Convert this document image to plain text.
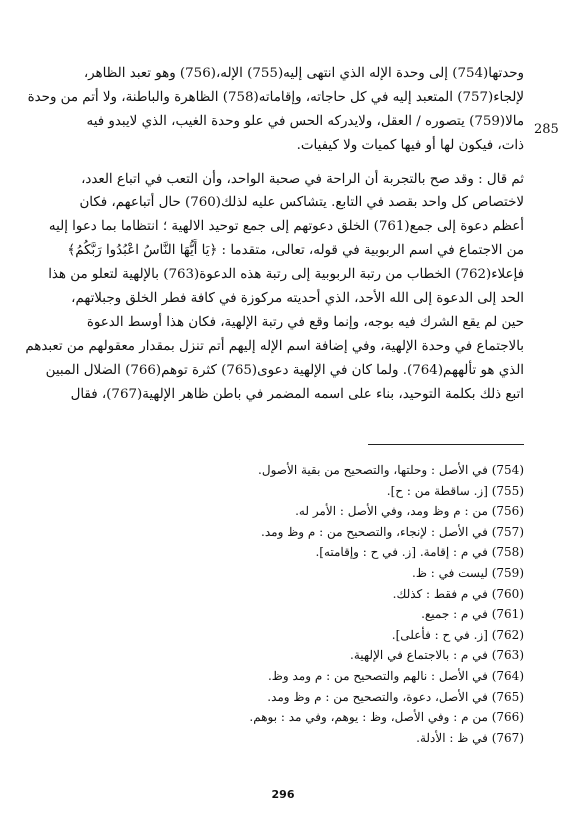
285
وحدتها(754) إلى وحدة الإله الذي انتهى إليه(755) الإله،(756) وهو تعبد الظاهر،
لإلجاء(757) المتعبد إليه في كل حاجاته، وإقاماته(758) الظاهرة والباطنة، ولا أتم من وحدة
مالا(759) يتصوره / العقل، ولايدركه الحس في علو وحدة الغيب، الذي لايبدو فيه
ذات، فيكون لها أو فيها كميات ولا كيفيات.
ثم قال : وقد صح بالتجربة أن الراحة في صحبة الواحد، وأن التعب في اتباع العدد،
لاختصاص كل واحد بقصد في التابع. يتشاكس عليه لذلك(760) حال أتباعهم، فكان
أعظم دعوة إلى جمع(761) الخلق دعوتهم إلى جمع توحيد الالهية ؛ انتظاما بما دعوا إليه
من الاجتماع في اسم الربوبية في قوله، تعالى، متقدما : ﴿يَا أَيُّهَا النَّاسُ اعْبُدُوا رَبَّكُمُ﴾
فإعلاء(762) الخطاب من رتبة الربوبية إلى رتبة هذه الدعوة(763) بالإلهية لتعلو من هذا
الحد إلى الدعوة إلى الله الأحد، الذي أحديته مركوزة في كافة فطر الخلق وجبلاتهم،
حين لم يقع الشرك فيه بوجه، وإنما وقع في رتبة الإلهية، فكان هذا أوسط الدعوة
بالاجتماع في وحدة الإلهية، وفي إضافة اسم الإله إليهم أتم تنزل بمقدار معقولهم من تعبدهم
الذي هو تألههم(764). ولما كان في الإلهية دعوى(765) كثرة توهم(766) الضلال المبين
اتبع ذلك بكلمة التوحيد، بناء على اسمه المضمر في باطن ظاهر الإلهية(767)، فقال
(754) في الأصل : وحلتها، والتصحيح من بقية الأصول.
(755) [ز. ساقطة من : ح].
(756) من : م وظ ومد، وفي الأصل : الأمر له.
(757) في الأصل : لإنجاء، والتصحيح من : م وظ ومد.
(758) في م : إقامة. [ز. في ح : وإقامته].
(759) ليست في : ظ.
(760) في م فقط : كذلك.
(761) في م : جميع.
(762) [ز. في ح : فأعلى].
(763) في م : بالاجتماع في الإلهية.
(764) في الأصل : نالهم والتصحيح من : م ومد وظ.
(765) في الأصل، دعوة، والتصحيح من : م وظ ومد.
(766) من م : وفي الأصل، وظ : يوهم، وفي مد : بوهم.
(767) في ظ : الأدلة.
296
